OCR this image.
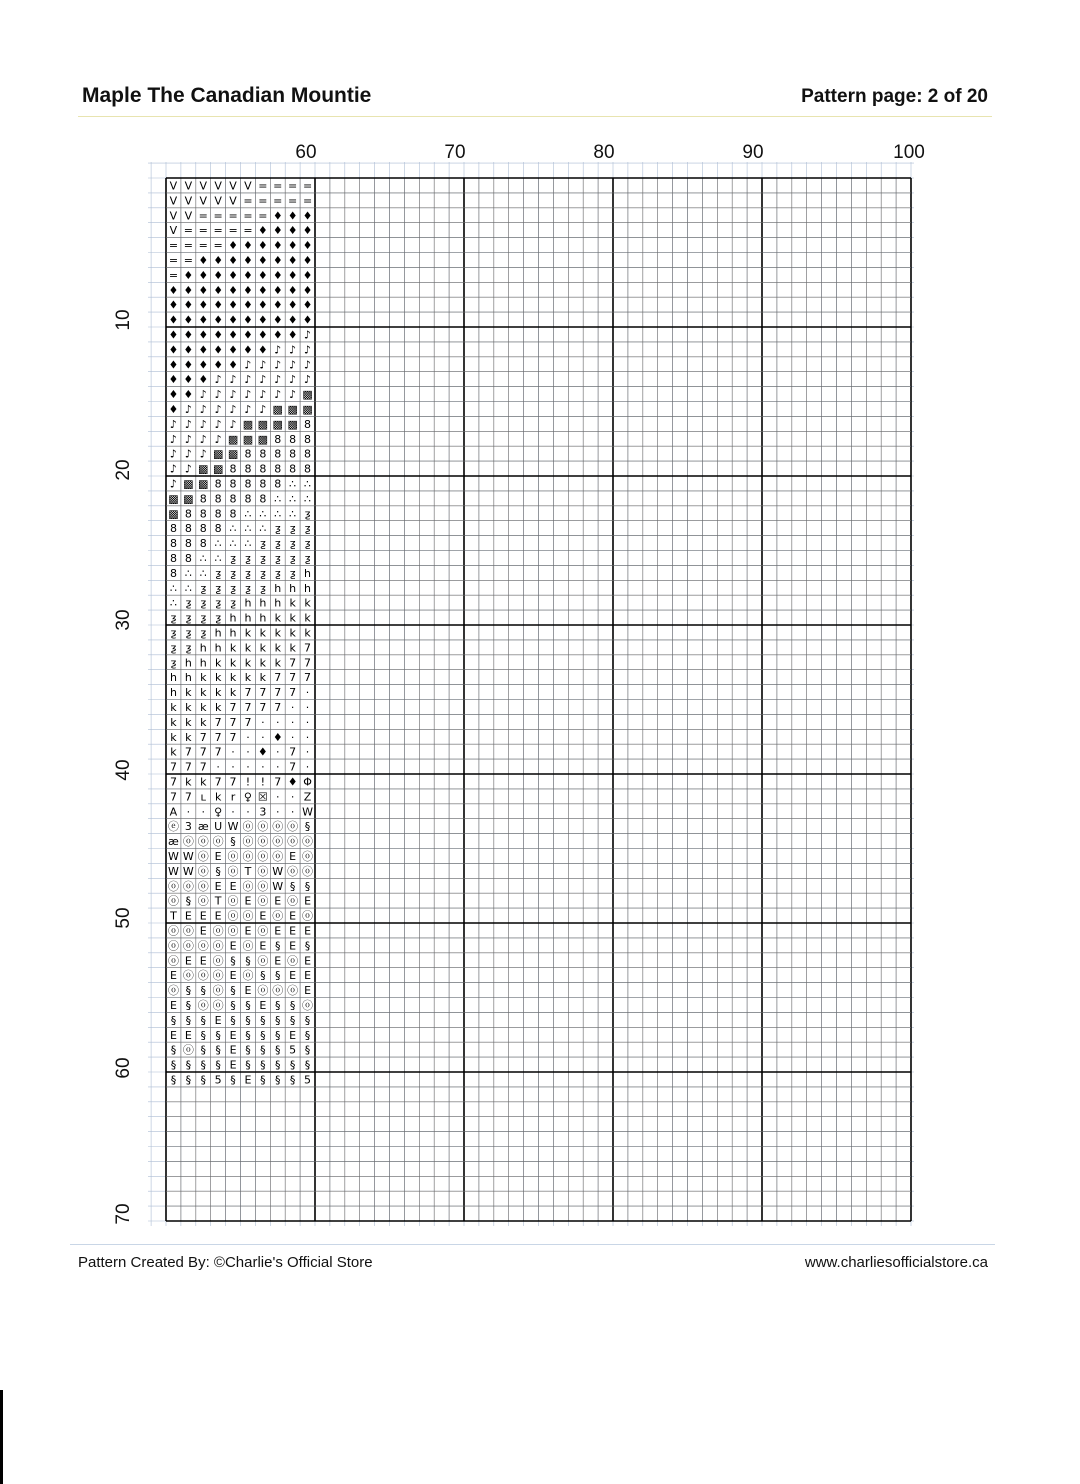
Maple The Canadian Mountie	Pattern page: 2 of 20
60	70	80	90	100
10
20
30
40
50
60
70
V V V V V V = = = =
V V V V V = = = = =
V V = = = = = ♦ ♦ ♦
V = = = = = ♦ ♦ ♦ ♦
= = = = ♦ ♦ ♦ ♦ ♦ ♦
= = ♦ ♦ ♦ ♦ ♦ ♦ ♦ ♦
= ♦ ♦ ♦ ♦ ♦ ♦ ♦ ♦ ♦
♦ ♦ ♦ ♦ ♦ ♦ ♦ ♦ ♦ ♦
♦ ♦ ♦ ♦ ♦ ♦ ♦ ♦ ♦ ♦
♦ ♦ ♦ ♦ ♦ ♦ ♦ ♦ ♦ ♦
♦ ♦ ♦ ♦ ♦ ♦ ♦ ♦ ♦ ♪
♦ ♦ ♦ ♦ ♦ ♦ ♦ ♪ ♪ ♪
♦ ♦ ♦ ♦ ♦ ♪ ♪ ♪ ♪ ♪
♦ ♦ ♦ ♪ ♪ ♪ ♪ ♪ ♪ ♪
♦ ♦ ♪ ♪ ♪ ♪ ♪ ♪ ♪ ▩
♦ ♪ ♪ ♪ ♪ ♪ ♪ ▩ ▩ ▩
♪ ♪ ♪ ♪ ♪ ▩ ▩ ▩ ▩ 8
♪ ♪ ♪ ♪ ▩ ▩ ▩ 8 8 8
♪ ♪ ♪ ▩ ▩ 8 8 8 8 8
♪ ♪ ▩ ▩ 8 8 8 8 8 8
♪ ▩ ▩ 8 8 8 8 8 ∴ ∴
▩ ▩ 8 8 8 8 8 ∴ ∴ ∴
▩ 8 8 8 8 ∴ ∴ ∴ ∴ ƺ
8 8 8 8 ∴ ∴ ∴ ƺ ƺ ƺ
8 8 8 ∴ ∴ ∴ ƺ ƺ ƺ ƺ
8 8 ∴ ∴ ƺ ƺ ƺ ƺ ƺ ƺ
8 ∴ ∴ ƺ ƺ ƺ ƺ ƺ ƺ h
∴ ∴ ƺ ƺ ƺ ƺ ƺ h h h
∴ ƺ ƺ ƺ ƺ h h h k k
ƺ ƺ ƺ ƺ h h h k k k
ƺ ƺ ƺ h h k k k k k
ƺ ƺ h h k k k k k 7
ƺ h h k k k k k 7 7
h h k k k k k 7 7 7
h k k k k 7 7 7 7 ·
k k k k 7 7 7 7 · ·
k k k 7 7 7 · · · ·
k k 7 7 7 · · ♦ · ·
k 7 7 7 · · ♦ · 7 ·
7 7 7 · · · · · 7 ·
7 k k 7 7 ! ! 7 ♦ Φ
7 7 ʟ k r ♀ ☒ · · Z
A · · ♀ · · 3 · · W
ⓔ 3 æ U W ⓞ ⓞ ⓞ ⓞ §
æ ⓞ ⓞ ⓞ § ⓞ ⓞ ⓞ ⓞ ⓞ
W W ⓞ E ⓞ ⓞ ⓞ ⓞ E ⓞ
W W ⓞ § ⓞ T ⓞ W ⓞ ⓞ
ⓞ ⓞ ⓞ E E ⓞ ⓞ W § §
ⓞ § ⓞ T ⓞ E ⓞ E ⓞ E
T E E E ⓞ ⓞ E ⓞ E ⓞ
ⓞ ⓞ E ⓞ ⓞ E ⓞ E E E
ⓞ ⓞ ⓞ ⓞ E ⓞ E § E §
ⓞ E E ⓞ § § ⓞ E ⓞ E
E ⓞ ⓞ ⓞ E ⓞ § § E E
ⓞ § § ⓞ § E ⓞ ⓞ ⓞ E
E § ⓞ ⓞ § § E § § ⓞ
§ § § E § § § § § §
E E § § E § § § E §
§ ⓞ § § E § § § 5 §
§ § § § E § § § § §
§ § § 5 § E § § § 5
Pattern Created By: ©Charlie's Official Store	www.charliesofficialstore.ca
